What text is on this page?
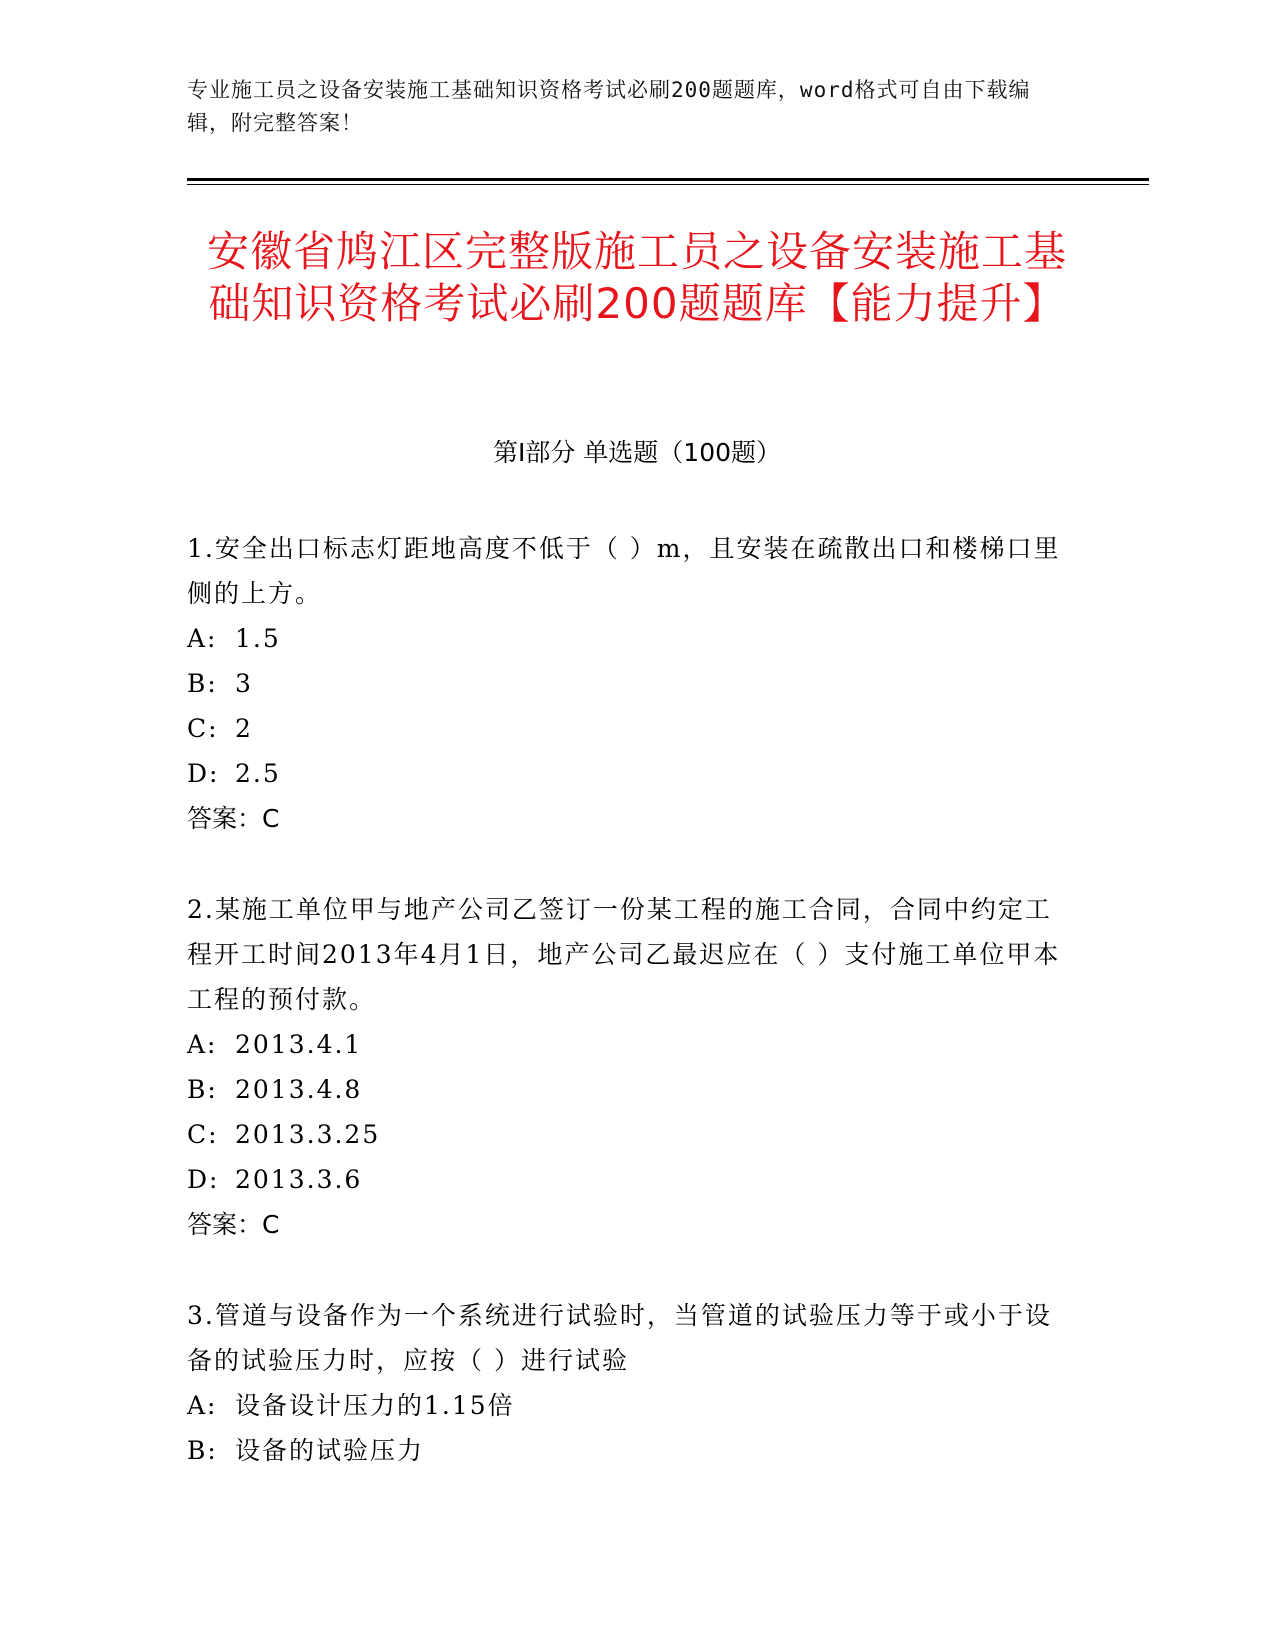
专业施工员之设备安装施工基础知识资格考试必刷200题题库，word格式可自由下载编辑，附完整答案！
安徽省鸠江区完整版施工员之设备安装施工基础知识资格考试必刷200题题库【能力提升】
第Ⅰ部分 单选题（100题）

1.安全出口标志灯距地高度不低于（ ）m，且安装在疏散出口和楼梯口里侧的上方。

A: 1.5

B: 3

C: 2

D: 2.5

答案：C

2.某施工单位甲与地产公司乙签订一份某工程的施工合同，合同中约定工程开工时间2013年4月1日，地产公司乙最迟应在（ ）支付施工单位甲本工程的预付款。

A: 2013.4.1

B: 2013.4.8

C: 2013.3.25

D: 2013.3.6

答案：C

3.管道与设备作为一个系统进行试验时，当管道的试验压力等于或小于设备的试验压力时，应按（ ）进行试验

A: 设备设计压力的1.15倍

B: 设备的试验压力
